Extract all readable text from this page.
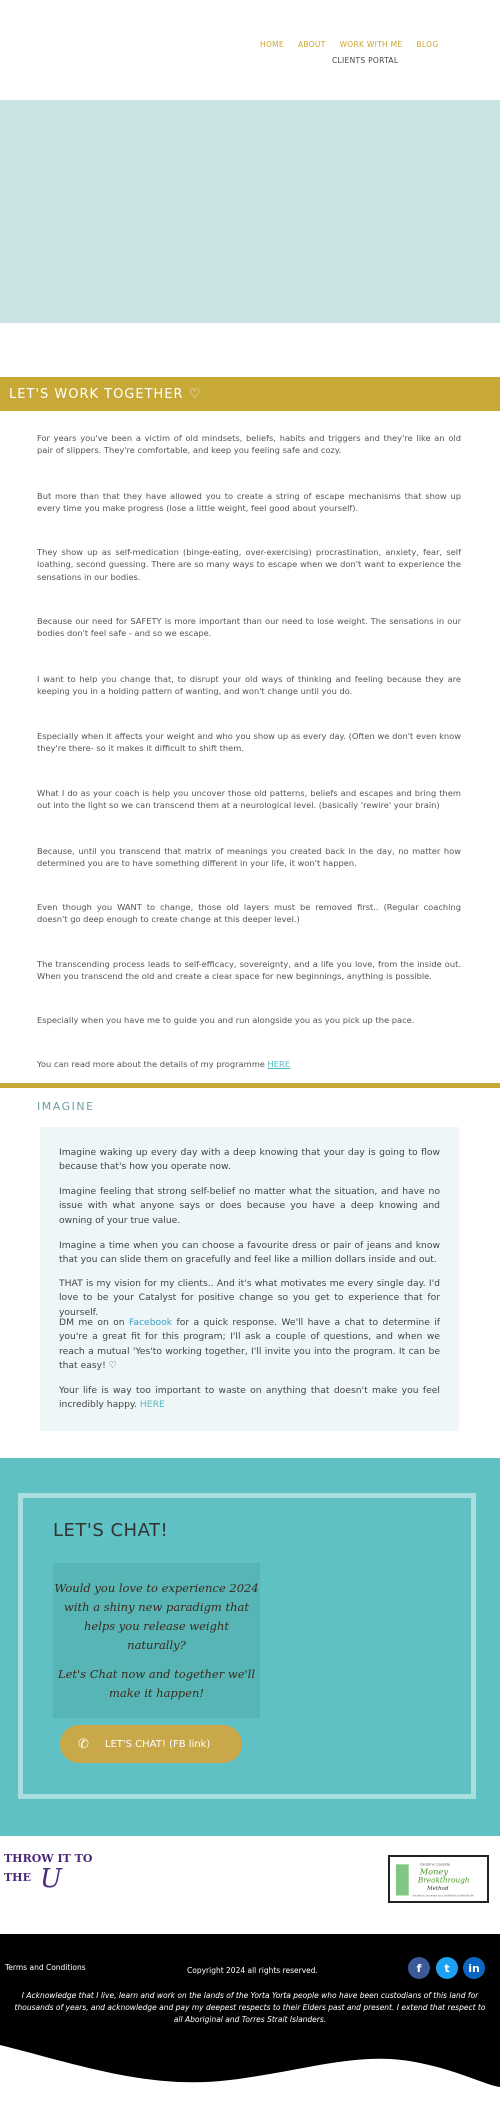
HOME ABOUT WORK WITH ME BLOG
CLIENTS PORTAL
LET'S WORK TOGETHER ♡

For years you've been a victim of old mindsets, beliefs, habits and triggers and they're like an old pair of slippers. They're comfortable, and keep you feeling safe and cozy.

But more than that they have allowed you to create a string of escape mechanisms that show up every time you make progress (lose a little weight, feel good about yourself).

They show up as self-medication (binge-eating, over-exercising) procrastination, anxiety, fear, self loathing, second guessing. There are so many ways to escape when we don't want to experience the sensations in our bodies.

Because our need for SAFETY is more important than our need to lose weight. The sensations in our bodies don't feel safe - and so we escape.

I want to help you change that, to disrupt your old ways of thinking and feeling because they are keeping you in a holding pattern of wanting, and won't change until you do.

Especially when it affects your weight and who you show up as every day. (Often we don't even know they're there- so it makes it difficult to shift them.

What I do as your coach is help you uncover those old patterns, beliefs and escapes and bring them out into the light so we can transcend them at a neurological level. (basically 'rewire' your brain)

Because, until you transcend that matrix of meanings you created back in the day, no matter how determined you are to have something different in your life, it won't happen.

Even though you WANT to change, those old layers must be removed first.. (Regular coaching doesn't go deep enough to create change at this deeper level.)

The transcending process leads to self-efficacy, sovereignty, and a life you love, from the inside out. When you transcend the old and create a clear space for new beginnings, anything is possible.

Especially when you have me to guide you and run alongside you as you pick up the pace.

You can read more about the details of my programme HERE

IMAGINE

Imagine waking up every day with a deep knowing that your day is going to flow because that's how you operate now.

Imagine feeling that strong self-belief no matter what the situation, and have no issue with what anyone says or does because you have a deep knowing and owning of your true value.

Imagine a time when you can choose a favourite dress or pair of jeans and know that you can slide them on gracefully and feel like a million dollars inside and out.

THAT is my vision for my clients.. And it's what motivates me every single day. I'd love to be your Catalyst for positive change so you get to experience that for yourself.

DM me on on Facebook for a quick response. We'll have a chat to determine if you're a great fit for this program; I'll ask a couple of questions, and when we reach a mutual 'Yes'to working together, I'll invite you into the program. It can be that easy! ♡

Your life is way too important to waste on anything that doesn't make you feel incredibly happy. HERE

LET'S CHAT!

Would you love to experience 2024 with a shiny new paradigm that helps you release weight naturally?

Let's Chat now and together we'll make it happen!

✆ LET'S CHAT! (FB link)
THROW IT TO
THE U	Caroline Cassidy
Money
Breakthrough
Method
Secrets to Increase Your Self-Worth & Net Worth
Terms and Conditions	Copyright 2024 all rights reserved.	f	t	in
I Acknowledge that I live, learn and work on the lands of the Yorta Yorta people who have been custodians of this land for thousands of years, and acknowledge and pay my deepest respects to their Elders past and present. I extend that respect to all Aboriginal and Torres Strait Islanders.
